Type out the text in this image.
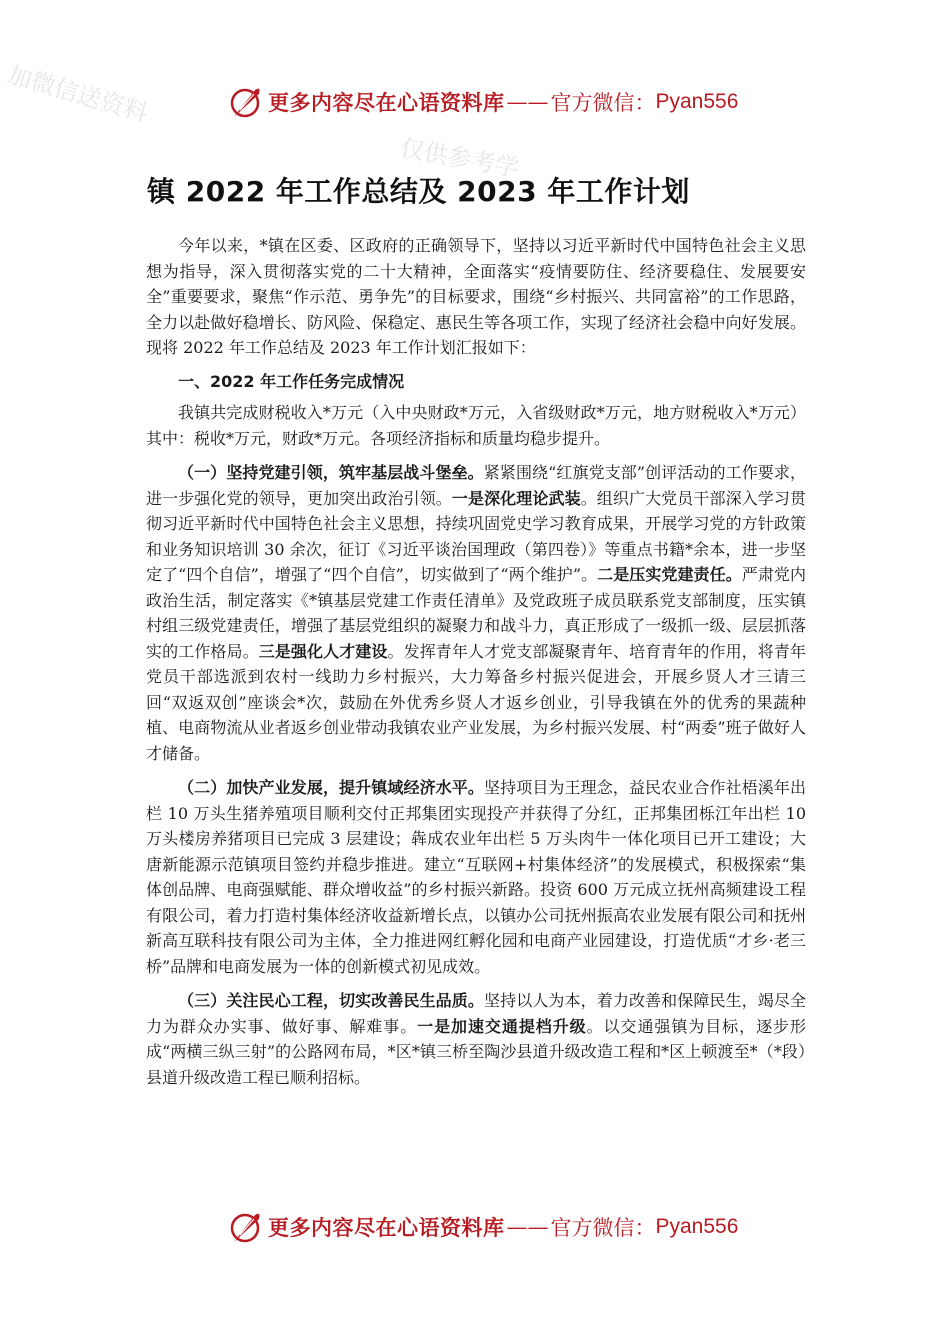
加微信送资料
仅供参考学
更多内容尽在心语资料库 —— 官方微信： Pyan556
镇 2022 年工作总结及 2023 年工作计划

今年以来，*镇在区委、区政府的正确领导下，坚持以习近平新时代中国特色社会主义思想为指导，深入贯彻落实党的二十大精神，全面落实“疫情要防住、经济要稳住、发展要安全”重要要求，聚焦“作示范、勇争先”的目标要求，围绕“乡村振兴、共同富裕”的工作思路，全力以赴做好稳增长、防风险、保稳定、惠民生等各项工作，实现了经济社会稳中向好发展。现将 2022 年工作总结及 2023 年工作计划汇报如下：

一、2022 年工作任务完成情况

我镇共完成财税收入*万元（入中央财政*万元，入省级财政*万元，地方财税收入*万元）其中：税收*万元，财政*万元。各项经济指标和质量均稳步提升。

（一）坚持党建引领，筑牢基层战斗堡垒。紧紧围绕“红旗党支部”创评活动的工作要求，进一步强化党的领导，更加突出政治引领。一是深化理论武装。组织广大党员干部深入学习贯彻习近平新时代中国特色社会主义思想，持续巩固党史学习教育成果，开展学习党的方针政策和业务知识培训 30 余次，征订《习近平谈治国理政（第四卷）》等重点书籍*余本，进一步坚定了“四个自信”，增强了“四个自信”，切实做到了“两个维护”。二是压实党建责任。严肃党内政治生活，制定落实《*镇基层党建工作责任清单》及党政班子成员联系党支部制度，压实镇村组三级党建责任，增强了基层党组织的凝聚力和战斗力，真正形成了一级抓一级、层层抓落实的工作格局。三是强化人才建设。发挥青年人才党支部凝聚青年、培育青年的作用，将青年党员干部选派到农村一线助力乡村振兴，大力筹备乡村振兴促进会，开展乡贤人才三请三回“双返双创”座谈会*次，鼓励在外优秀乡贤人才返乡创业，引导我镇在外的优秀的果蔬种植、电商物流从业者返乡创业带动我镇农业产业发展，为乡村振兴发展、村“两委”班子做好人才储备。

（二）加快产业发展，提升镇域经济水平。坚持项目为王理念，益民农业合作社梧溪年出栏 10 万头生猪养殖项目顺利交付正邦集团实现投产并获得了分红，正邦集团栎江年出栏 10 万头楼房养猪项目已完成 3 层建设；犇成农业年出栏 5 万头肉牛一体化项目已开工建设；大唐新能源示范镇项目签约并稳步推进。建立“互联网+村集体经济”的发展模式，积极探索“集体创品牌、电商强赋能、群众增收益”的乡村振兴新路。投资 600 万元成立抚州高频建设工程有限公司，着力打造村集体经济收益新增长点，以镇办公司抚州振高农业发展有限公司和抚州新高互联科技有限公司为主体，全力推进网红孵化园和电商产业园建设，打造优质“才乡·老三桥”品牌和电商发展为一体的创新模式初见成效。

（三）关注民心工程，切实改善民生品质。坚持以人为本，着力改善和保障民生，竭尽全力为群众办实事、做好事、解难事。一是加速交通提档升级。以交通强镇为目标，逐步形成“两横三纵三射”的公路网布局，*区*镇三桥至陶沙县道升级改造工程和*区上顿渡至*（*段）县道升级改造工程已顺利招标。

更多内容尽在心语资料库 —— 官方微信： Pyan556
